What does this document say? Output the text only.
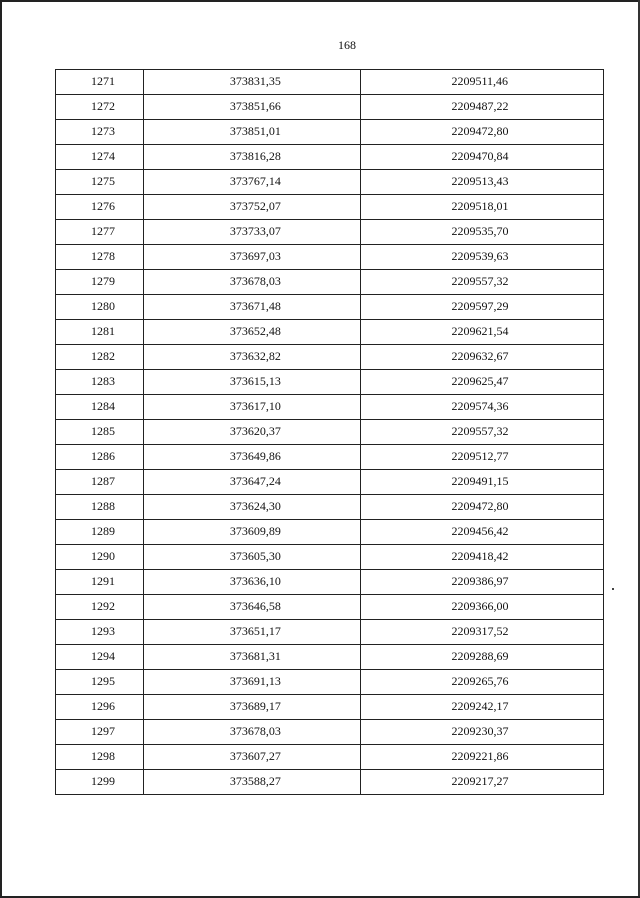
168
1271	373831,35	2209511,46
1272	373851,66	2209487,22
1273	373851,01	2209472,80
1274	373816,28	2209470,84
1275	373767,14	2209513,43
1276	373752,07	2209518,01
1277	373733,07	2209535,70
1278	373697,03	2209539,63
1279	373678,03	2209557,32
1280	373671,48	2209597,29
1281	373652,48	2209621,54
1282	373632,82	2209632,67
1283	373615,13	2209625,47
1284	373617,10	2209574,36
1285	373620,37	2209557,32
1286	373649,86	2209512,77
1287	373647,24	2209491,15
1288	373624,30	2209472,80
1289	373609,89	2209456,42
1290	373605,30	2209418,42
1291	373636,10	2209386,97
1292	373646,58	2209366,00
1293	373651,17	2209317,52
1294	373681,31	2209288,69
1295	373691,13	2209265,76
1296	373689,17	2209242,17
1297	373678,03	2209230,37
1298	373607,27	2209221,86
1299	373588,27	2209217,27
